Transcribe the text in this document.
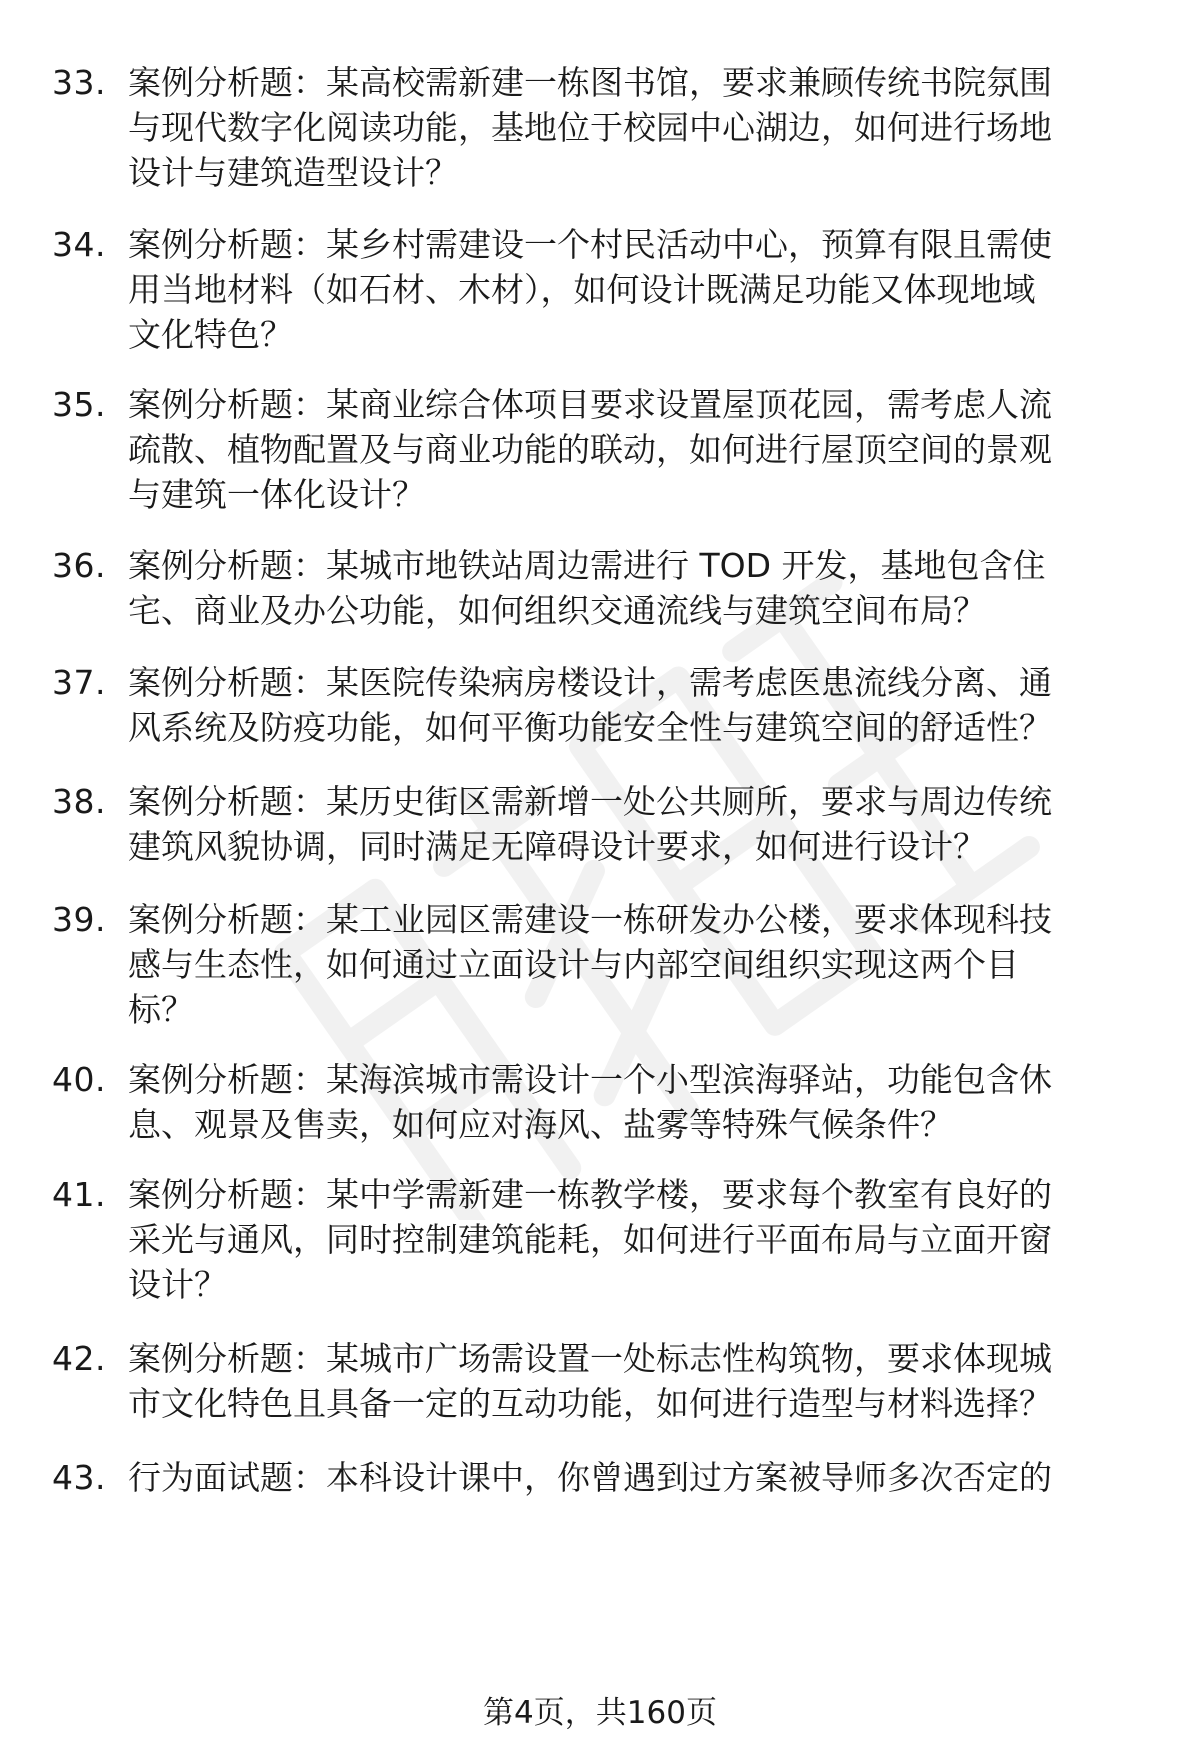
33. 案例分析题：某高校需新建一栋图书馆，要求兼顾传统书院氛围
与现代数字化阅读功能，基地位于校园中心湖边，如何进行场地
设计与建筑造型设计？
34. 案例分析题：某乡村需建设一个村民活动中心，预算有限且需使
用当地材料（如石材、木材），如何设计既满足功能又体现地域
文化特色？
35. 案例分析题：某商业综合体项目要求设置屋顶花园，需考虑人流
疏散、植物配置及与商业功能的联动，如何进行屋顶空间的景观
与建筑一体化设计？
36. 案例分析题：某城市地铁站周边需进行 TOD 开发，基地包含住
宅、商业及办公功能，如何组织交通流线与建筑空间布局？
37. 案例分析题：某医院传染病房楼设计，需考虑医患流线分离、通
风系统及防疫功能，如何平衡功能安全性与建筑空间的舒适性？
38. 案例分析题：某历史街区需新增一处公共厕所，要求与周边传统
建筑风貌协调，同时满足无障碍设计要求，如何进行设计？
39. 案例分析题：某工业园区需建设一栋研发办公楼，要求体现科技
感与生态性，如何通过立面设计与内部空间组织实现这两个目
标？
40. 案例分析题：某海滨城市需设计一个小型滨海驿站，功能包含休
息、观景及售卖，如何应对海风、盐雾等特殊气候条件？
41. 案例分析题：某中学需新建一栋教学楼，要求每个教室有良好的
采光与通风，同时控制建筑能耗，如何进行平面布局与立面开窗
设计？
42. 案例分析题：某城市广场需设置一处标志性构筑物，要求体现城
市文化特色且具备一定的互动功能，如何进行造型与材料选择？
43. 行为面试题：本科设计课中，你曾遇到过方案被导师多次否定的
第4页，共160页
